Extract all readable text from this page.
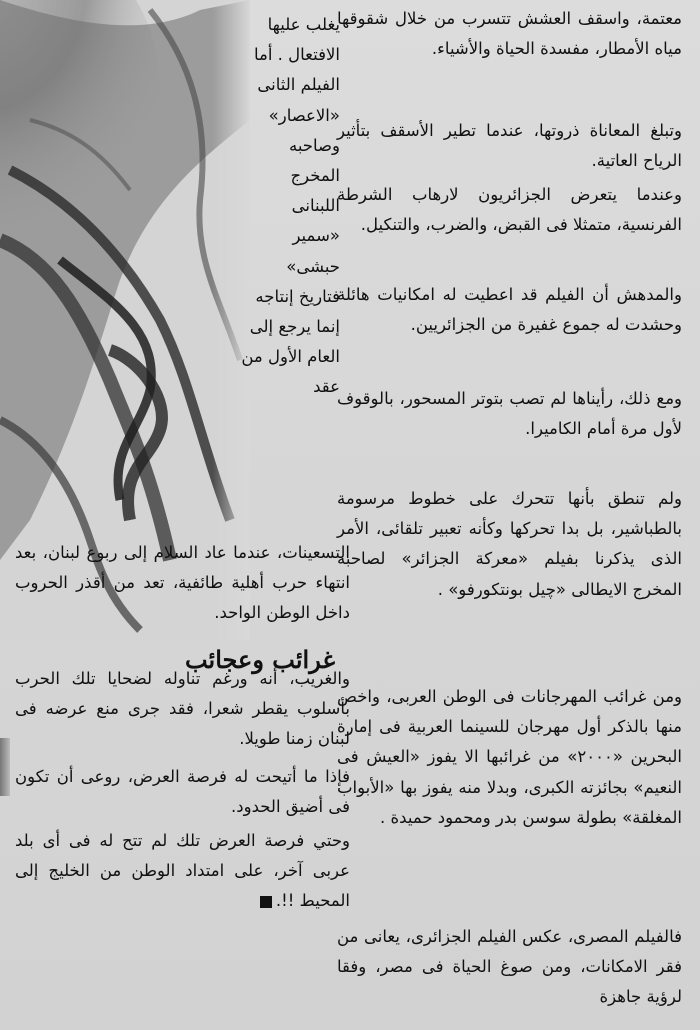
معتمة، واسقف العشش تتسرب من خلال شقوقها مياه الأمطار، مفسدة الحياة والأشياء.

وتبلغ المعاناة ذروتها، عندما تطير الأسقف بتأثير الرياح العاتية.

وعندما يتعرض الجزائريون لارهاب الشرطة الفرنسية، متمثلا فى القبض، والضرب، والتنكيل.

والمدهش أن الفيلم قد اعطيت له امكانيات هائلة وحشدت له جموع غفيرة من الجزائريين.

ومع ذلك، رأيناها لم تصب بتوتر المسحور، بالوقوف لأول مرة أمام الكاميرا.

ولم تنطق بأنها تتحرك على خطوط مرسومة بالطباشير، بل بدا تحركها وكأنه تعبير تلقائى، الأمر الذى يذكرنا بفيلم «معركة الجزائر» لصاحبه المخرج الايطالى «چيل بونتكورفو» .

غرائب وعجائب

ومن غرائب المهرجانات فى الوطن العربى، واخص منها بالذكر أول مهرجان للسينما العربية فى إمارة البحرين «٢٠٠٠» من غرائبها الا يفوز «العيش فى النعيم» بجائزته الكبرى، وبدلا منه يفوز بها «الأبواب المغلقة» بطولة سوسن بدر ومحمود حميدة .

فالفيلم المصرى، عكس الفيلم الجزائرى، يعانى من فقر الامكانات، ومن صوغ الحياة فى مصر، وفقا لرؤية جاهزة

يغلب عليها الافتعال . أما الفيلم الثانى «الاعصار» وصاحبه المخرج اللبنانى «سمير حبشى» فتاريخ إنتاجه إنما يرجع إلى العام الأول من عقد

التسعينات، عندما عاد السلام إلى ربوع لبنان، بعد انتهاء حرب أهلية طائفية، تعد من أقذر الحروب داخل الوطن الواحد.

والغريب، أنه ورغم تناوله لضحايا تلك الحرب بأسلوب يقطر شعرا، فقد جرى منع عرضه فى لبنان زمنا طويلا.

فإذا ما أتيحت له فرصة العرض، روعى أن تكون فى أضيق الحدود.

وحتي فرصة العرض تلك لم تتح له فى أى بلد عربى آخر، على امتداد الوطن من الخليج إلى المحيط !!.
